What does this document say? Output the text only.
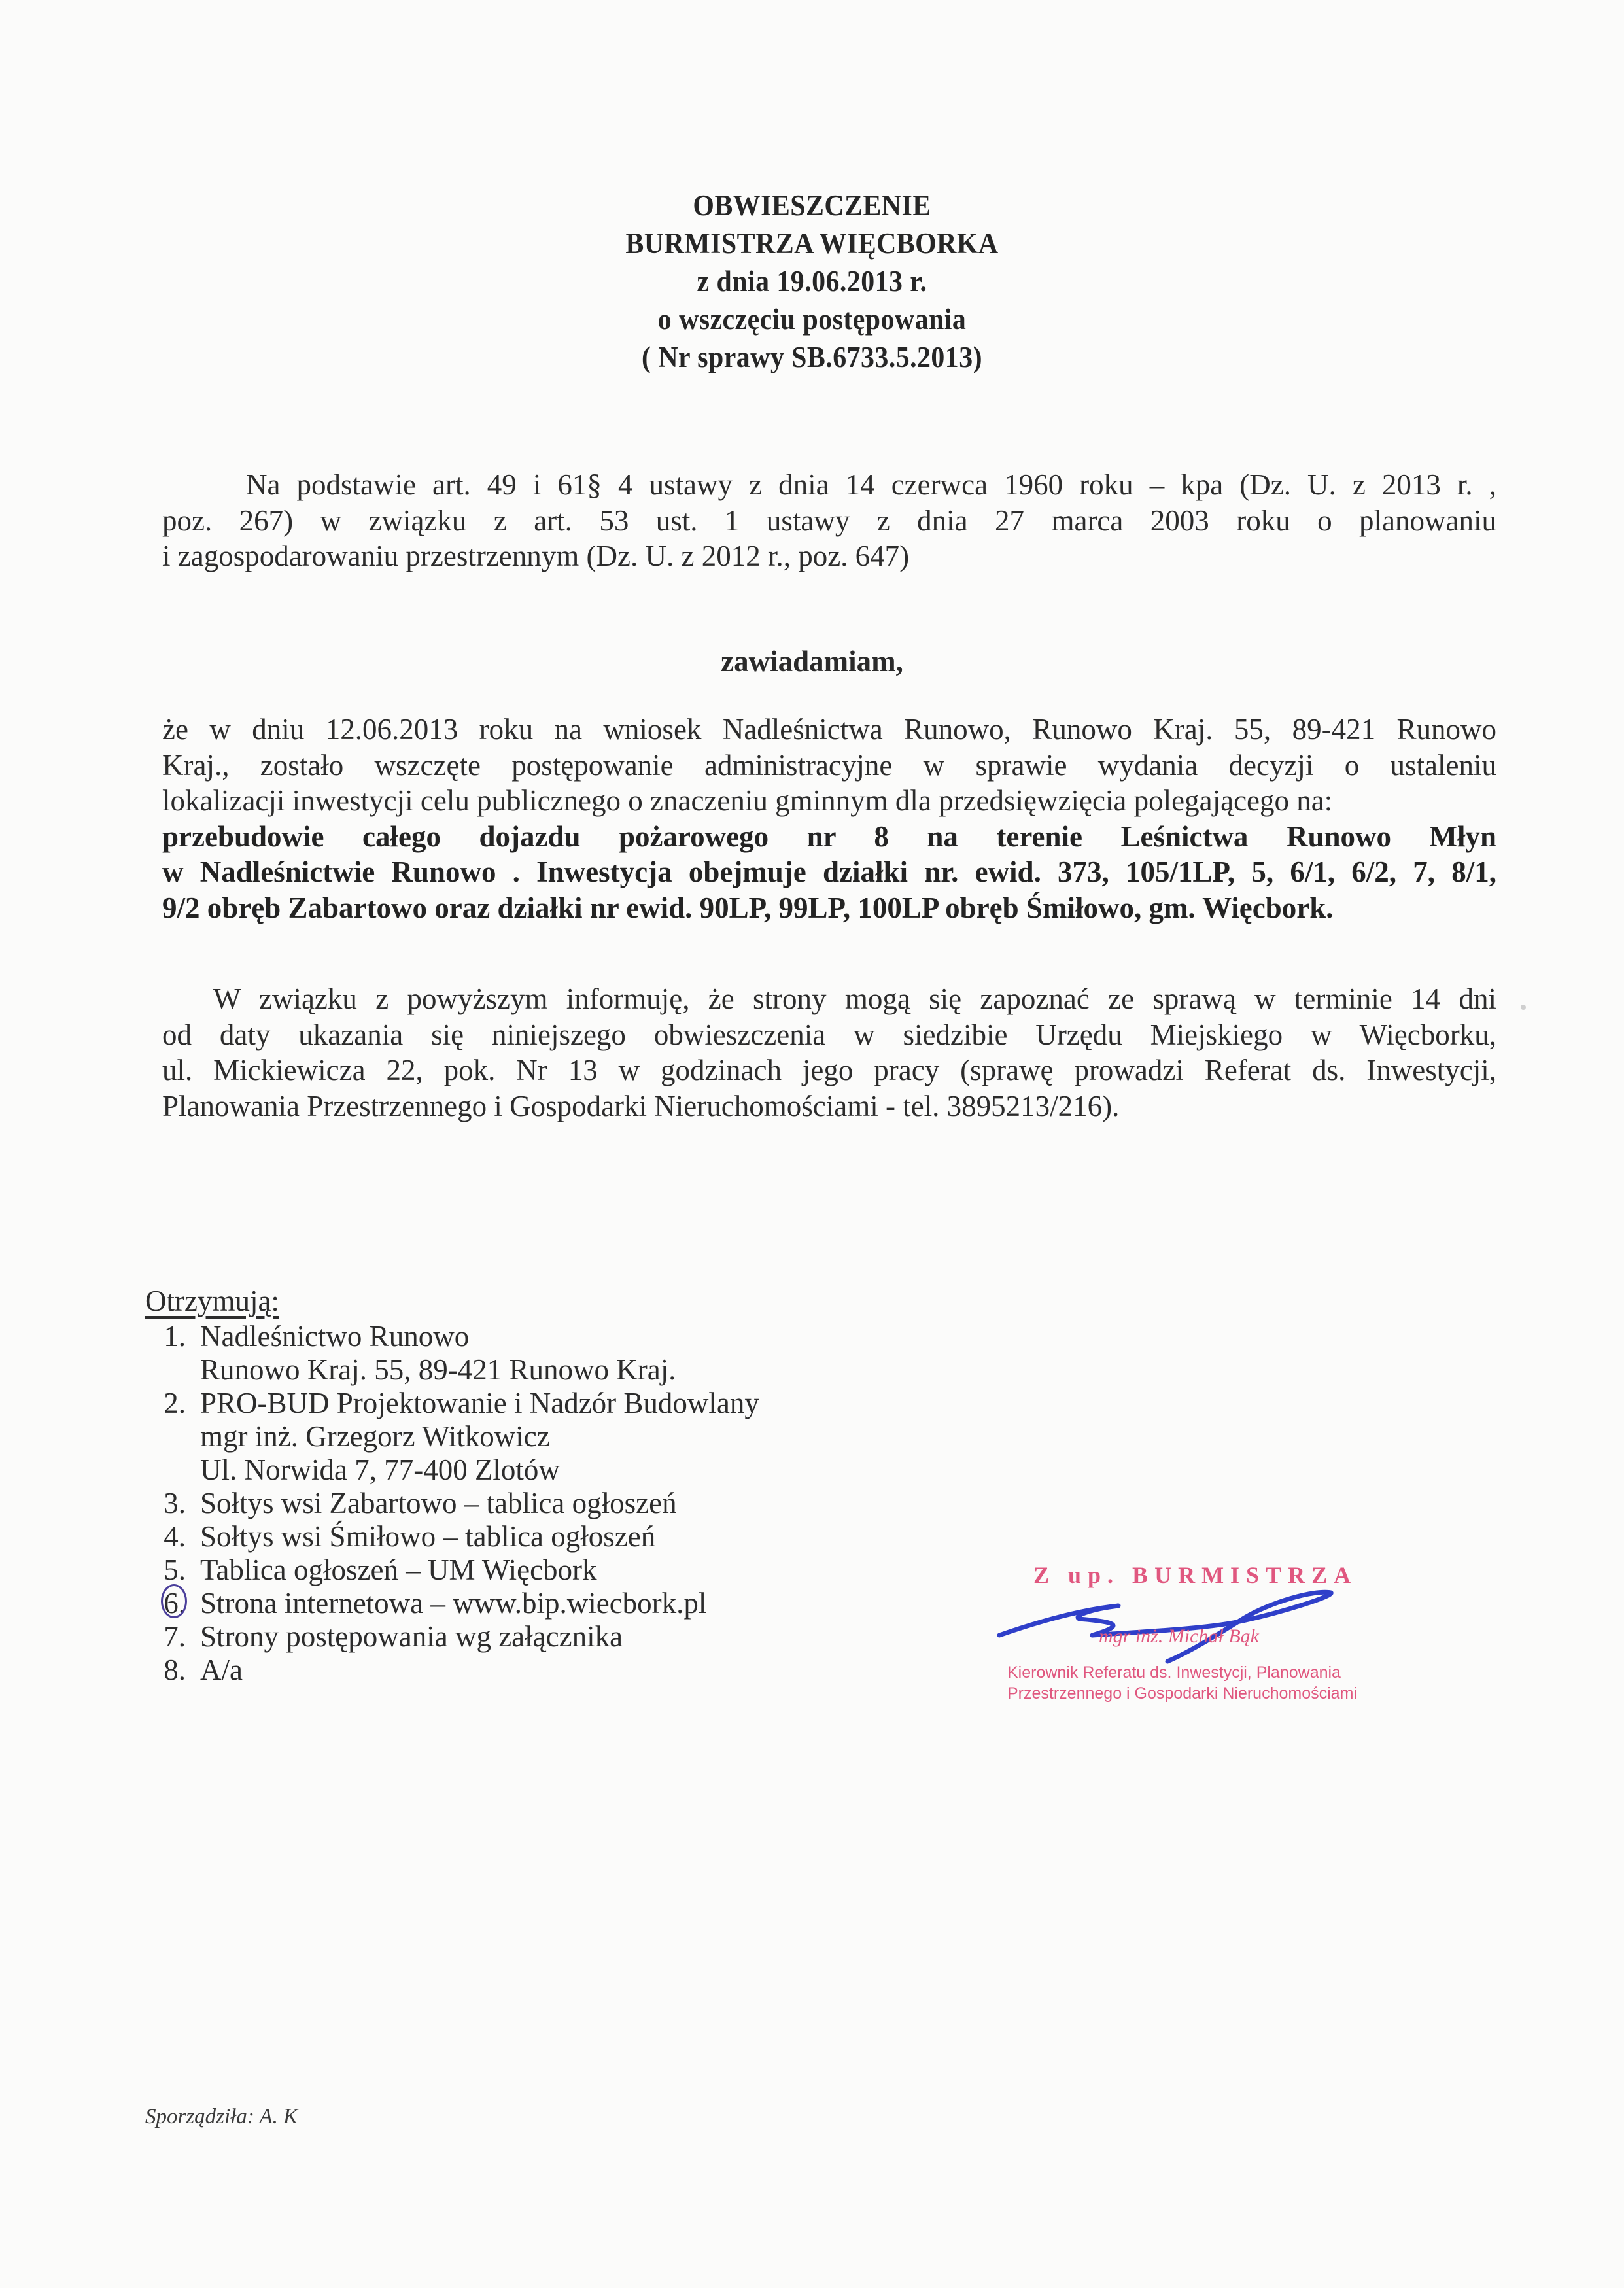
OBWIESZCZENIE
BURMISTRZA WIĘCBORKA
z dnia 19.06.2013 r.
o wszczęciu postępowania
( Nr sprawy SB.6733.5.2013)
Na podstawie art. 49 i 61§ 4 ustawy z dnia 14 czerwca 1960 roku – kpa (Dz. U. z 2013 r. ,
poz. 267) w związku z art. 53 ust. 1 ustawy z dnia 27 marca 2003 roku o planowaniu
i zagospodarowaniu przestrzennym (Dz. U. z 2012 r., poz. 647)
zawiadamiam,
że w dniu 12.06.2013 roku na wniosek Nadleśnictwa Runowo, Runowo Kraj. 55, 89-421 Runowo
Kraj., zostało wszczęte postępowanie administracyjne w sprawie wydania decyzji o ustaleniu
lokalizacji inwestycji celu publicznego o znaczeniu gminnym dla przedsięwzięcia polegającego na:
przebudowie całego dojazdu pożarowego nr 8 na terenie Leśnictwa Runowo Młyn
w Nadleśnictwie Runowo . Inwestycja obejmuje działki nr. ewid. 373, 105/1LP, 5, 6/1, 6/2, 7, 8/1,
9/2 obręb Zabartowo oraz działki nr ewid. 90LP, 99LP, 100LP obręb Śmiłowo, gm. Więcbork.
W związku z powyższym informuję, że strony mogą się zapoznać ze sprawą w terminie 14 dni
od daty ukazania się niniejszego obwieszczenia w siedzibie Urzędu Miejskiego w Więcborku,
ul. Mickiewicza 22, pok. Nr 13 w godzinach jego pracy (sprawę prowadzi Referat ds. Inwestycji,
Planowania Przestrzennego i Gospodarki Nieruchomościami - tel. 3895213/216).
Otrzymują:
1. Nadleśnictwo Runowo
Runowo Kraj. 55, 89-421 Runowo Kraj.
2. PRO-BUD Projektowanie i Nadzór Budowlany
mgr inż. Grzegorz Witkowicz
Ul. Norwida 7, 77-400 Zlotów
3. Sołtys wsi Zabartowo – tablica ogłoszeń
4. Sołtys wsi Śmiłowo – tablica ogłoszeń
5. Tablica ogłoszeń – UM Więcbork
6. Strona internetowa – www.bip.wiecbork.pl
7. Strony postępowania wg załącznika
8. A/a
Z up. BURMISTRZA
mgr inż. Michał Bąk
Kierownik Referatu ds. Inwestycji, Planowania
Przestrzennego i Gospodarki Nieruchomościami
Sporządziła: A. K
